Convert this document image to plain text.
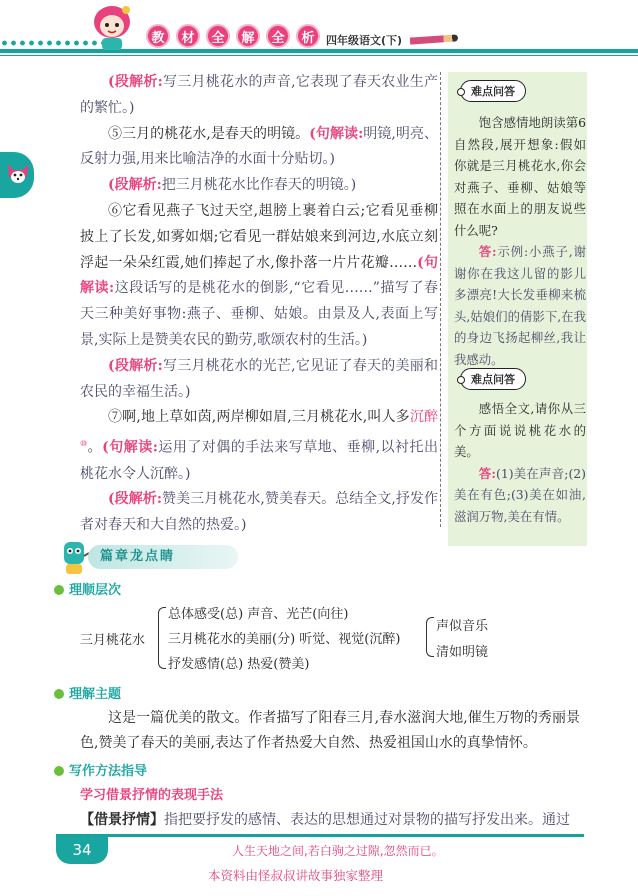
教	材	全	解	全	析	四年级语文(下)

(段解析:写三月桃花水的声音,它表现了春天农业生产的繁忙。)

⑤三月的桃花水,是春天的明镜。(句解读:明镜,明亮、反射力强,用来比喻洁净的水面十分贴切。)

(段解析:把三月桃花水比作春天的明镜。)

⑥它看见燕子飞过天空,趄膀上裹着白云;它看见垂柳披上了长发,如雾如烟;它看见一群姑娘来到河边,水底立刻浮起一朵朵红霞,她们捧起了水,像扑落一片片花瓣……(句解读:这段话写的是桃花水的倒影,“它看见……”描写了春天三种美好事物:燕子、垂柳、姑娘。由景及人,表面上写景,实际上是赞美农民的勤劳,歌颂农村的生活。)

(段解析:写三月桃花水的光芒,它见证了春天的美丽和农民的幸福生活。)

⑦啊,地上草如茵,两岸柳如眉,三月桃花水,叫人多沉醉⑩。(句解读:运用了对偶的手法来写草地、垂柳,以衬托出桃花水令人沉醉。)

(段解析:赞美三月桃花水,赞美春天。总结全文,抒发作者对春天和大自然的热爱。)

难点问答

饱含感情地朗读第6自然段,展开想象:假如你就是三月桃花水,你会对燕子、垂柳、姑娘等照在水面上的朋友说些什么呢?

答:示例:小燕子,谢谢你在我这儿留的影儿多漂亮!大长发垂柳来梳头,姑娘们的倩影下,在我的身边飞扬起柳丝,我让我感动。

难点问答

感悟全文,请你从三个方面说说桃花水的美。

答:(1)美在声音;(2)美在有色;(3)美在如油,滋润万物,美在有情。

篇章龙点睛
理顺层次
三月桃花水
总体感受(总) 声音、光芒(向往)
三月桃花水的美丽(分) 听觉、视觉(沉醉)
抒发感情(总) 热爱(赞美)
声似音乐
清如明镜
理解主题

这是一篇优美的散文。作者描写了阳春三月,春水滋润大地,催生万物的秀丽景色,赞美了春天的美丽,表达了作者热爱大自然、热爱祖国山水的真挚情怀。

写作方法指导
学习借景抒情的表现手法
【借景抒情】指把要抒发的感情、表达的思想通过对景物的描写抒发出来。通过
34	人生天地之间,若白驹之过隙,忽然而已。
本资料由怪叔叔讲故事独家整理
